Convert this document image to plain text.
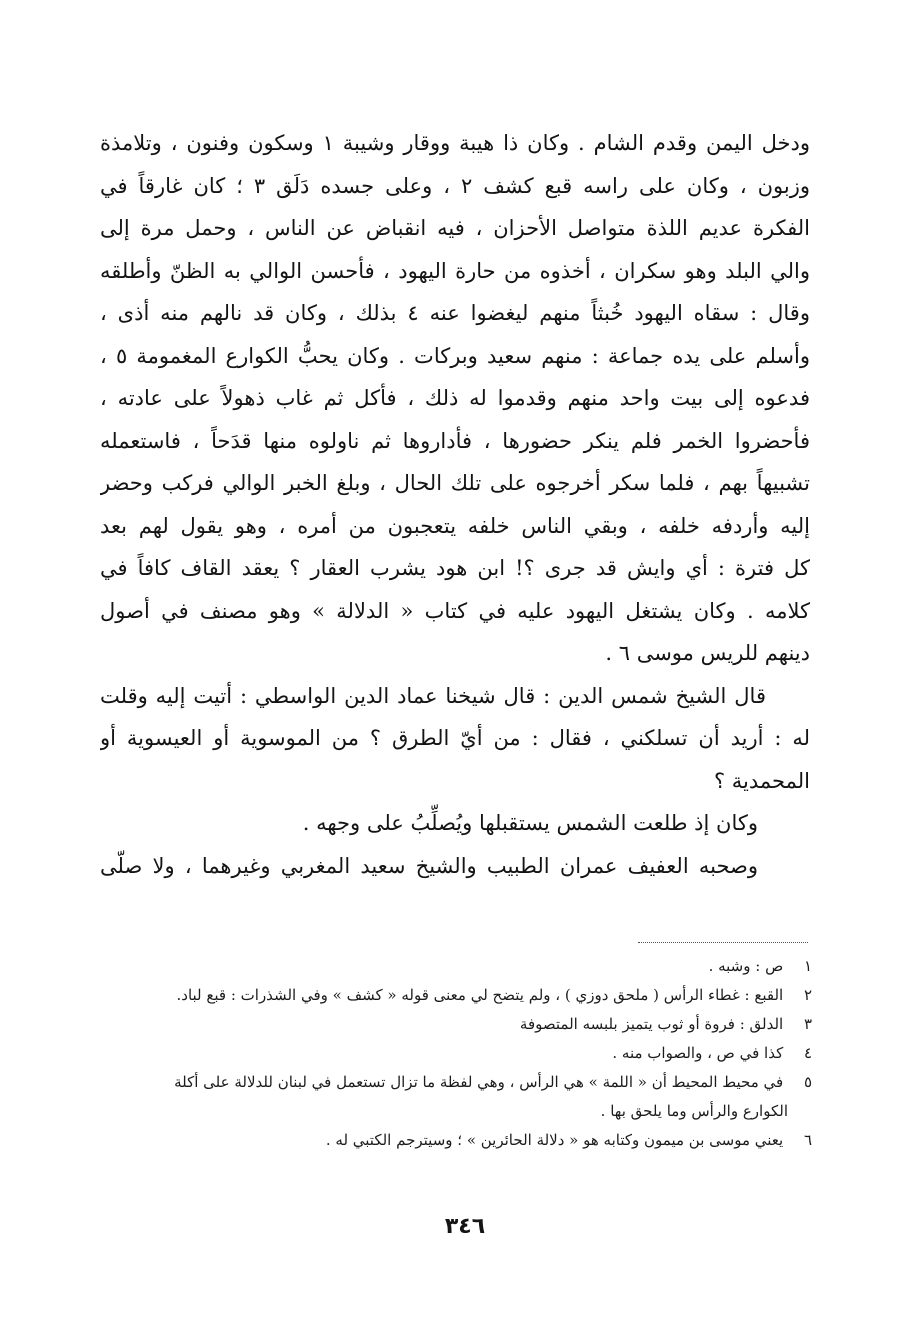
ودخل اليمن وقدم الشام . وكان ذا هيبة ووقار وشيبة ١ وسكون وفنون ، وتلامذة
وزبون ، وكان على راسه قبع كشف ٢ ، وعلى جسده دَلَق ٣ ؛ كان غارقاً في
الفكرة عديم اللذة متواصل الأحزان ، فيه انقباض عن الناس ، وحمل مرة إلى
والي البلد وهو سكران ، أخذوه من حارة اليهود ، فأحسن الوالي به الظنّ وأطلقه
وقال : سقاه اليهود خُبثاً منهم ليغضوا عنه ٤ بذلك ، وكان قد نالهم منه أذى ،
وأسلم على يده جماعة : منهم سعيد وبركات . وكان يحبُّ الكوارع المغمومة ٥ ،
فدعوه إلى بيت واحد منهم وقدموا له ذلك ، فأكل ثم غاب ذهولاً على عادته ،
فأحضروا الخمر فلم ينكر حضورها ، فأداروها ثم ناولوه منها قدَحاً ، فاستعمله
تشبيهاً بهم ، فلما سكر أخرجوه على تلك الحال ، وبلغ الخبر الوالي فركب وحضر
إليه وأردفه خلفه ، وبقي الناس خلفه يتعجبون من أمره ، وهو يقول لهم بعد
كل فترة : أي وايش قد جرى ؟! ابن هود يشرب العقار ؟ يعقد القاف كافاً في
كلامه . وكان يشتغل اليهود عليه في كتاب « الدلالة » وهو مصنف في أصول
دينهم للريس موسى ٦ .
قال الشيخ شمس الدين : قال شيخنا عماد الدين الواسطي : أتيت إليه وقلت
له : أريد أن تسلكني ، فقال : من أيّ الطرق ؟ من الموسوية أو العيسوية أو
المحمدية ؟
وكان إذ طلعت الشمس يستقبلها ويُصلِّبُ على وجهه .
وصحبه العفيف عمران الطبيب والشيخ سعيد المغربي وغيرهما ، ولا صلّى
١ ص : وشبه .
٢ القبع : غطاء الرأس ( ملحق دوزي ) ، ولم يتضح لي معنى قوله « كشف » وفي الشذرات : قبع لباد.
٣ الدلق : فروة أو ثوب يتميز بلبسه المتصوفة
٤ كذا في ص ، والصواب منه .
٥ في محيط المحيط أن « اللمة » هي الرأس ، وهي لفظة ما تزال تستعمل في لبنان للدلالة على أكلة
الكوارع والرأس وما يلحق بها .
٦ يعني موسى بن ميمون وكتابه هو « دلالة الحائرين » ؛ وسيترجم الكتبي له .
٣٤٦
